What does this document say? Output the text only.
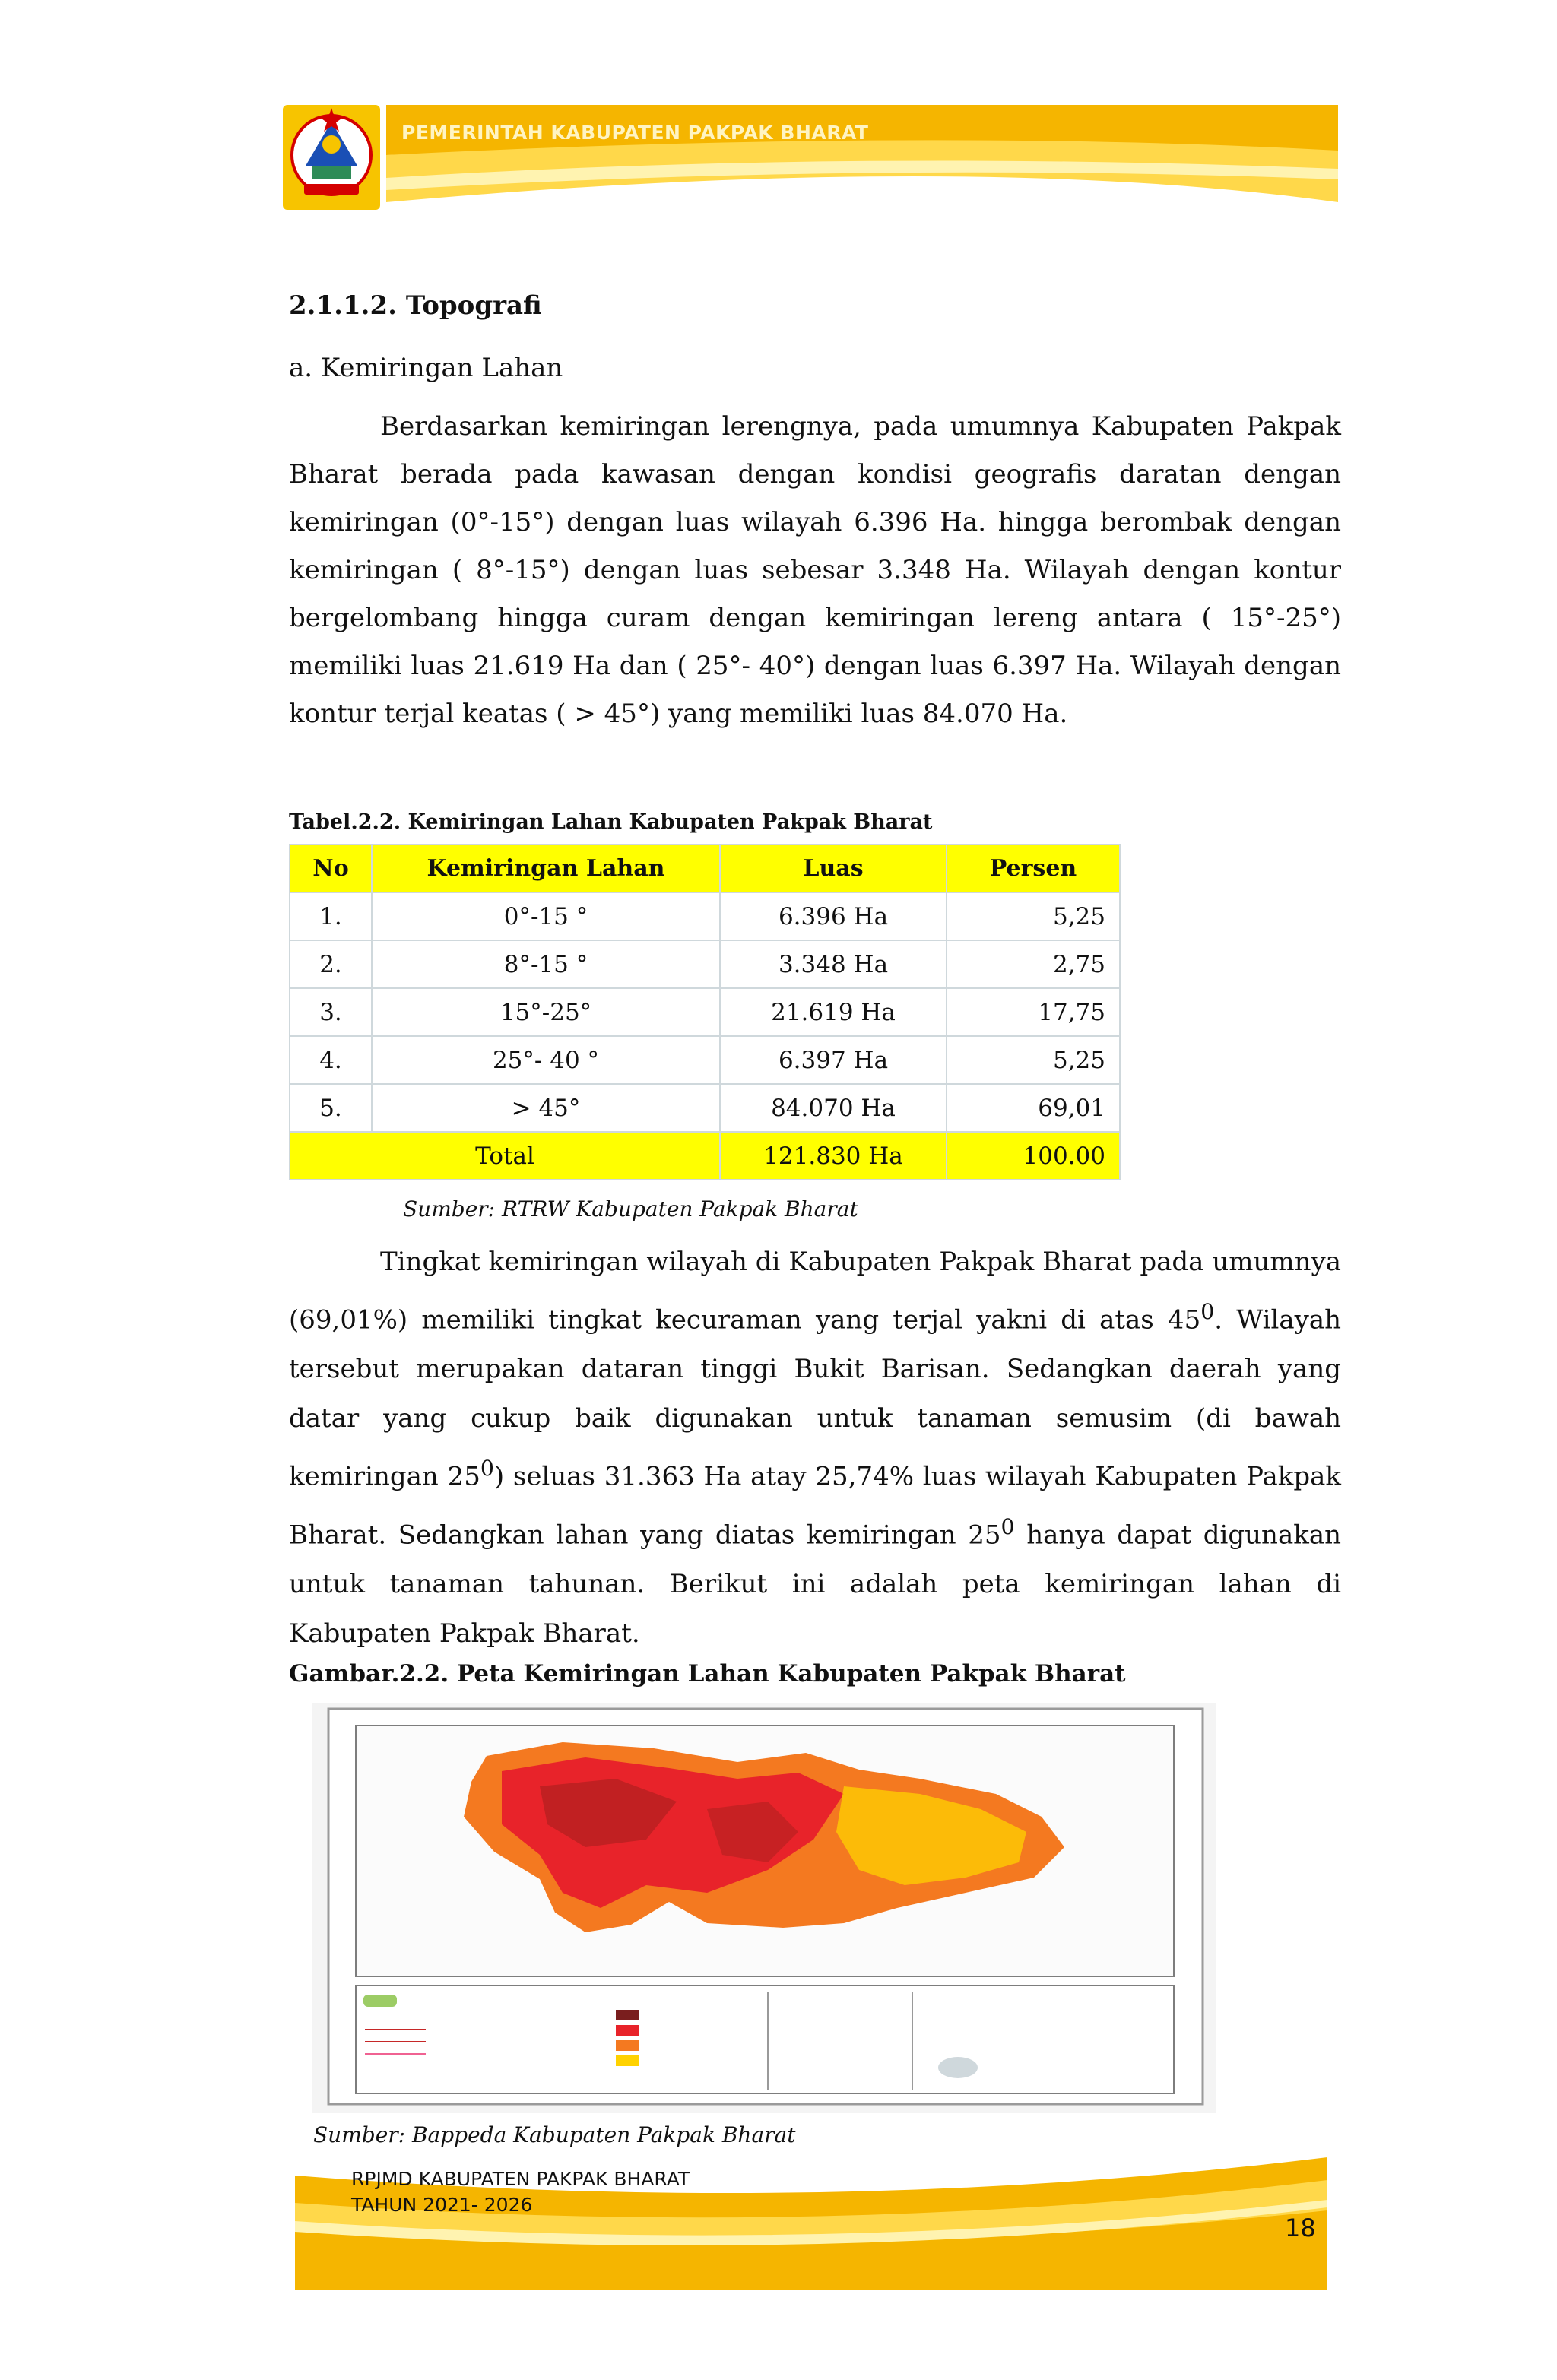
PEMERINTAH KABUPATEN PAKPAK BHARAT
2.1.1.2. Topografi
a. Kemiringan Lahan
Berdasarkan kemiringan lerengnya, pada umumnya Kabupaten Pakpak Bharat berada pada kawasan dengan kondisi geografis daratan dengan kemiringan (0°-15°) dengan luas wilayah 6.396 Ha. hingga berombak dengan kemiringan ( 8°-15°) dengan luas sebesar 3.348 Ha. Wilayah dengan kontur bergelombang hingga curam dengan kemiringan lereng antara ( 15°-25°) memiliki luas 21.619 Ha dan ( 25°- 40°) dengan luas 6.397 Ha. Wilayah dengan kontur terjal keatas ( > 45°) yang memiliki luas 84.070 Ha.
Tabel.2.2. Kemiringan Lahan Kabupaten Pakpak Bharat
No	Kemiringan Lahan	Luas	Persen
1.	0°-15 °	6.396 Ha	5,25
2.	8°-15 °	3.348 Ha	2,75
3.	15°-25°	21.619 Ha	17,75
4.	25°- 40 °	6.397 Ha	5,25
5.	> 45°	84.070 Ha	69,01
Total		121.830 Ha	100.00
Sumber: RTRW Kabupaten Pakpak Bharat
Tingkat kemiringan wilayah di Kabupaten Pakpak Bharat pada umumnya (69,01%) memiliki tingkat kecuraman yang terjal yakni di atas $45^0$. Wilayah tersebut merupakan dataran tinggi Bukit Barisan. Sedangkan daerah yang datar yang cukup baik digunakan untuk tanaman semusim (di bawah kemiringan $25^0$) seluas 31.363 Ha atay 25,74% luas wilayah Kabupaten Pakpak Bharat. Sedangkan lahan yang diatas kemiringan $25^0$ hanya dapat digunakan untuk tanaman tahunan. Berikut ini adalah peta kemiringan lahan di Kabupaten Pakpak Bharat.
Gambar.2.2. Peta Kemiringan Lahan Kabupaten Pakpak Bharat
Sumber: Bappeda Kabupaten Pakpak Bharat
RPJMD KABUPATEN PAKPAK BHARAT
TAHUN 2021- 2026
18
